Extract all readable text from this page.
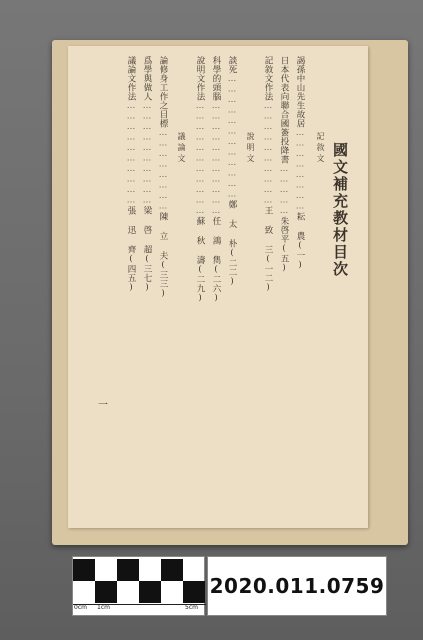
國文補充教材目次
記敘文
謁孫中山先生故居……………………耘 農(一)
日本代表向聯合國簽投降書……………朱啓平(五)
記敘文作法…………………………王 致 三(一二)
說明文
談死………………………………鄭 太 朴(二二)
科學的頭腦……………………………任 鴻 雋(二六)
說明文作法……………………………蘇 秋 濤(二九)
議論文
論修身工作之目標……………………陳 立 夫(三三)
爲學與做人…………………………梁 啓 超(三七)
議論文作法…………………………張 迅 齊(四五)
一
0cm 1cm	5cm
2020.011.0759
